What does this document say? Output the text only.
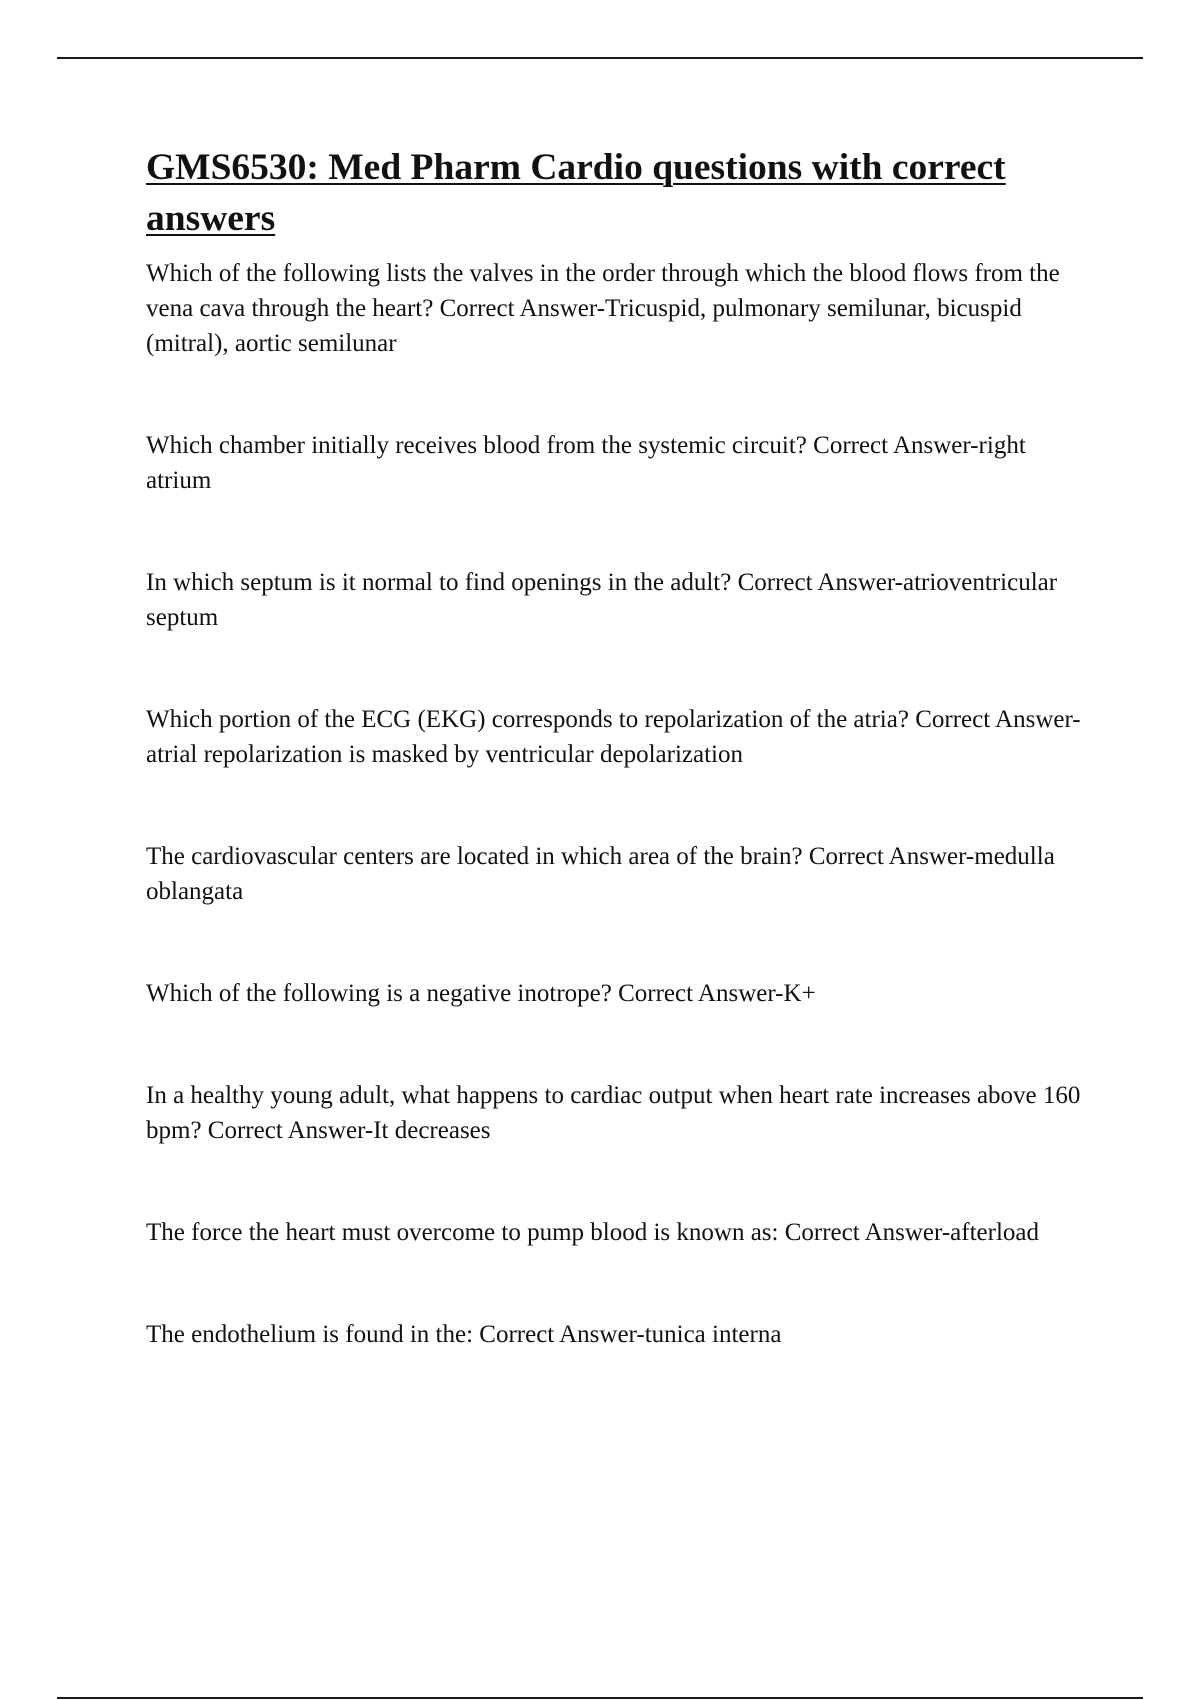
GMS6530: Med Pharm Cardio questions with correct answers

Which of the following lists the valves in the order through which the blood flows from the vena cava through the heart? Correct Answer-Tricuspid, pulmonary semilunar, bicuspid (mitral), aortic semilunar

Which chamber initially receives blood from the systemic circuit? Correct Answer-right atrium

In which septum is it normal to find openings in the adult? Correct Answer-atrioventricular septum

Which portion of the ECG (EKG) corresponds to repolarization of the atria? Correct Answer-atrial repolarization is masked by ventricular depolarization

The cardiovascular centers are located in which area of the brain? Correct Answer-medulla oblangata

Which of the following is a negative inotrope? Correct Answer-K+

In a healthy young adult, what happens to cardiac output when heart rate increases above 160 bpm? Correct Answer-It decreases

The force the heart must overcome to pump blood is known as: Correct Answer-afterload

The endothelium is found in the: Correct Answer-tunica interna
